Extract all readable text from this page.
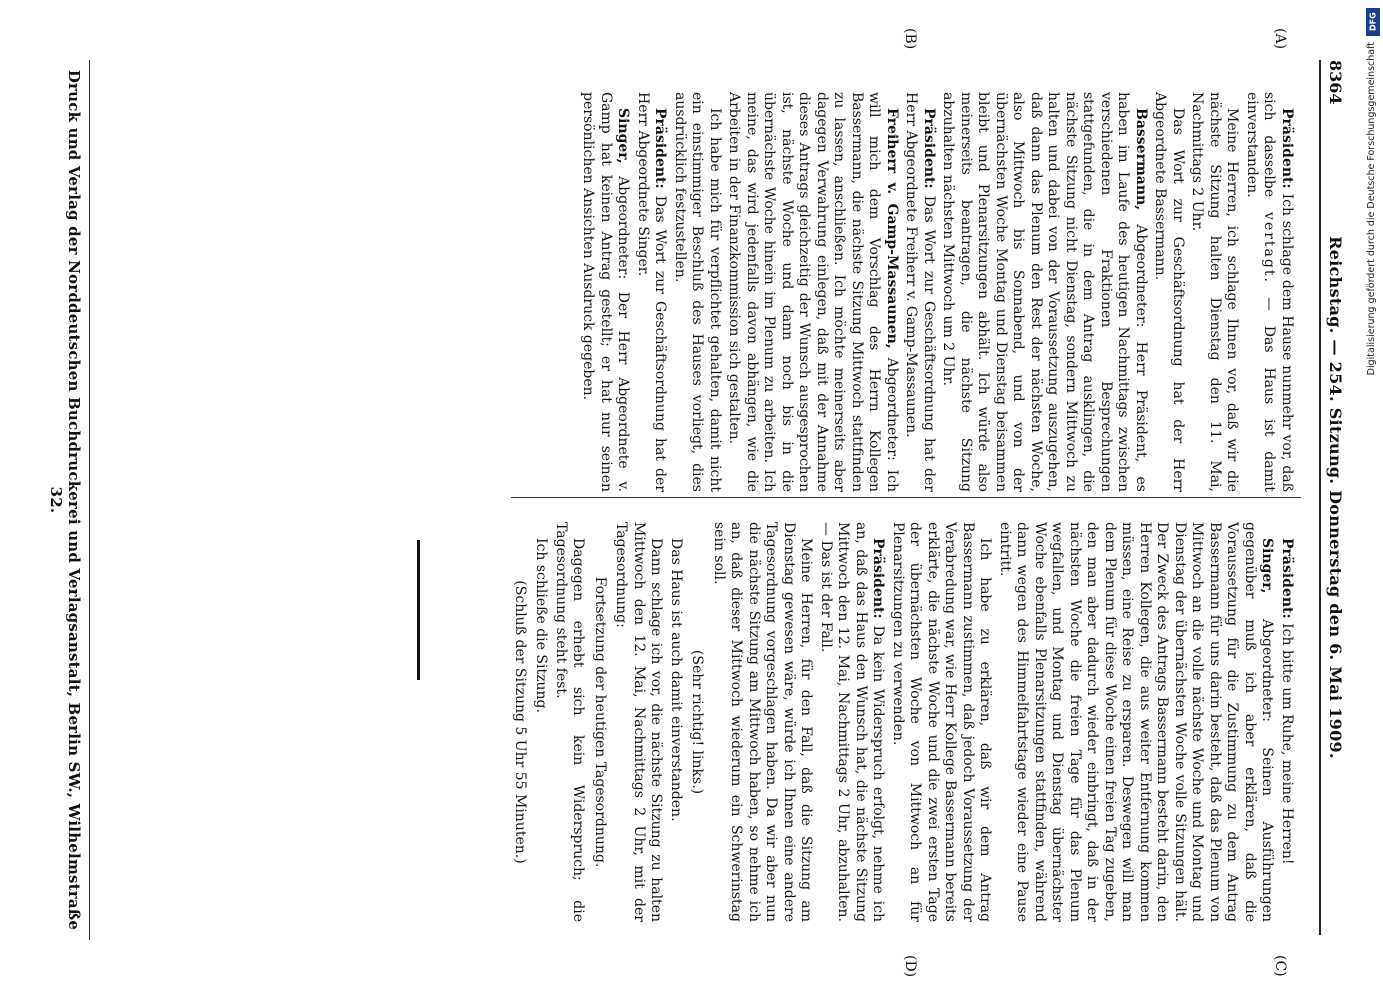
8364
Reichstag. — 254. Sitzung. Donnerstag den 6. Mai 1909.
(A)
(B)
(C)
(D)

Präsident: Ich schlage dem Hause nunmehr vor, daß sich dasselbe vertagt. — Das Haus ist damit einverstanden.

Meine Herren, ich schlage Ihnen vor, daß wir die nächste Sitzung halten Dienstag den 11. Mai, Nachmittags 2 Uhr.

Das Wort zur Geschäftsordnung hat der Herr Abgeordnete Bassermann.

Bassermann, Abgeordneter: Herr Präsident, es haben im Laufe des heutigen Nachmittags zwischen verschiedenen Fraktionen Besprechungen stattgefunden, die in dem Antrag ausklingen, die nächste Sitzung nicht Dienstag, sondern Mittwoch zu halten und dabei von der Voraussetzung auszugehen, daß dann das Plenum den Rest der nächsten Woche, also Mittwoch bis Sonnabend, und von der übernächsten Woche Montag und Dienstag beisammen bleibt und Plenarsitzungen abhält. Ich würde also meinerseits beantragen, die nächste Sitzung abzuhalten nächsten Mittwoch um 2 Uhr.

Präsident: Das Wort zur Geschäftsordnung hat der Herr Abgeordnete Freiherr v. Gamp-Massaunen.

Freiherr v. Gamp-Massaunen, Abgeordneter: Ich will mich dem Vorschlag des Herrn Kollegen Bassermann, die nächste Sitzung Mittwoch stattfinden zu lassen, anschließen. Ich möchte meinerseits aber dagegen Verwahrung einlegen, daß mit der Annahme dieses Antrags gleichzeitig der Wunsch ausgesprochen ist, nächste Woche und dann noch bis in die übernächste Woche hinein im Plenum zu arbeiten. Ich meine, das wird jedenfalls davon abhängen, wie die Arbeiten in der Finanzkommission sich gestalten.

Ich habe mich für verpflichtet gehalten, damit nicht ein einstimmiger Beschluß des Hauses vorliegt, dies ausdrücklich festzustellen.

Präsident: Das Wort zur Geschäftsordnung hat der Herr Abgeordnete Singer.

Singer, Abgeordneter: Der Herr Abgeordnete v. Gamp hat keinen Antrag gestellt; er hat nur seinen persönlichen Ansichten Ausdruck gegeben.

Präsident: Ich bitte um Ruhe, meine Herren!

Singer, Abgeordneter: Seinen Ausführungen gegenüber muß ich aber erklären, daß die Voraussetzung für die Zustimmung zu dem Antrag Bassermann für uns darin besteht, daß das Plenum von Mittwoch an die volle nächste Woche und Montag und Dienstag der übernächsten Woche volle Sitzungen hält. Der Zweck des Antrags Bassermann besteht darin, den Herren Kollegen, die aus weiter Entfernung kommen müssen, eine Reise zu ersparen. Deswegen will man dem Plenum für diese Woche einen freien Tag zugeben, den man aber dadurch wieder einbringt, daß in der nächsten Woche die freien Tage für das Plenum wegfallen, und Montag und Dienstag übernächster Woche ebenfalls Plenarsitzungen stattfinden, während dann wegen des Himmelfahrtstage wieder eine Pause eintritt.

Ich habe zu erklären, daß wir dem Antrag Bassermann zustimmen, daß jedoch Voraussetzung der Verabredung war, wie Herr Kollege Bassermann bereits erklärte, die nächste Woche und die zwei ersten Tage der übernächsten Woche von Mittwoch an für Plenarsitzungen zu verwenden.

Präsident: Da kein Widerspruch erfolgt, nehme ich an, daß das Haus den Wunsch hat, die nächste Sitzung Mittwoch den 12. Mai, Nachmittags 2 Uhr, abzuhalten. — Das ist der Fall.

Meine Herren, für den Fall, daß die Sitzung am Dienstag gewesen wäre, würde ich Ihnen eine andere Tagesordnung vorgeschlagen haben. Da wir aber nun die nächste Sitzung am Mittwoch haben, so nehme ich an, daß dieser Mittwoch wiederum ein Schwerinstag sein soll.

(Sehr richtig! links.)

Das Haus ist auch damit einverstanden.

Dann schlage ich vor, die nächste Sitzung zu halten Mittwoch den 12. Mai, Nachmittags 2 Uhr, mit der Tagesordnung:

Fortsetzung der heutigen Tagesordnung.

Dagegen erhebt sich kein Widerspruch; die Tagesordnung steht fest.

Ich schließe die Sitzung.

(Schluß der Sitzung 5 Uhr 55 Minuten.)

Druck und Verlag der Norddeutschen Buchdruckerei und Verlagsanstalt, Berlin SW., Wilhelmstraße 32.
DFG
Digitalisierung gefördert durch die Deutsche Forschungsgemeinschaft
